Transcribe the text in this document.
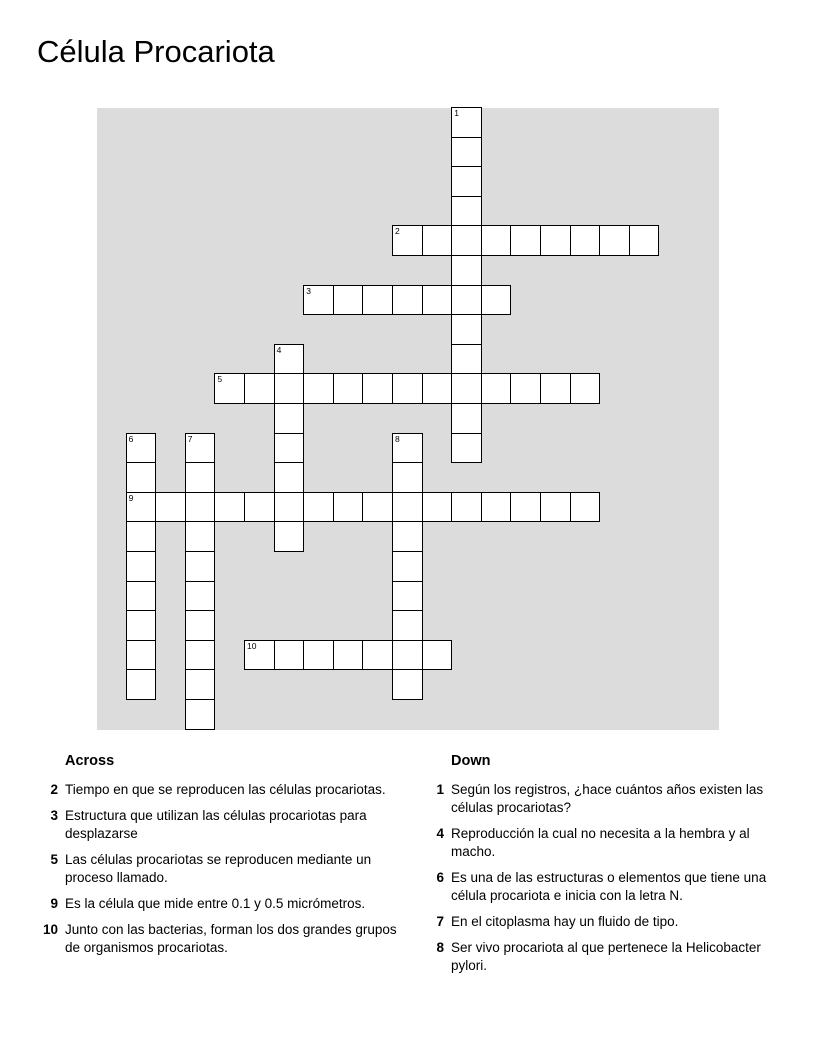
Célula Procariota
1
2
3
4
5
6
9
7	8
10
Across
2 Tiempo en que se reproducen las células procariotas.
3 Estructura que utilizan las células procariotas para desplazarse
5 Las células procariotas se reproducen mediante un proceso llamado.
9 Es la célula que mide entre 0.1 y 0.5 micrómetros.
10 Junto con las bacterias, forman los dos grandes grupos de organismos procariotas.
Down
1 Según los registros, ¿hace cuántos años existen las células procariotas?
4 Reproducción la cual no necesita a la hembra y al macho.
6 Es una de las estructuras o elementos que tiene una célula procariota e inicia con la letra N.
7 En el citoplasma hay un fluido de tipo.
8 Ser vivo procariota al que pertenece la Helicobacter pylori.
